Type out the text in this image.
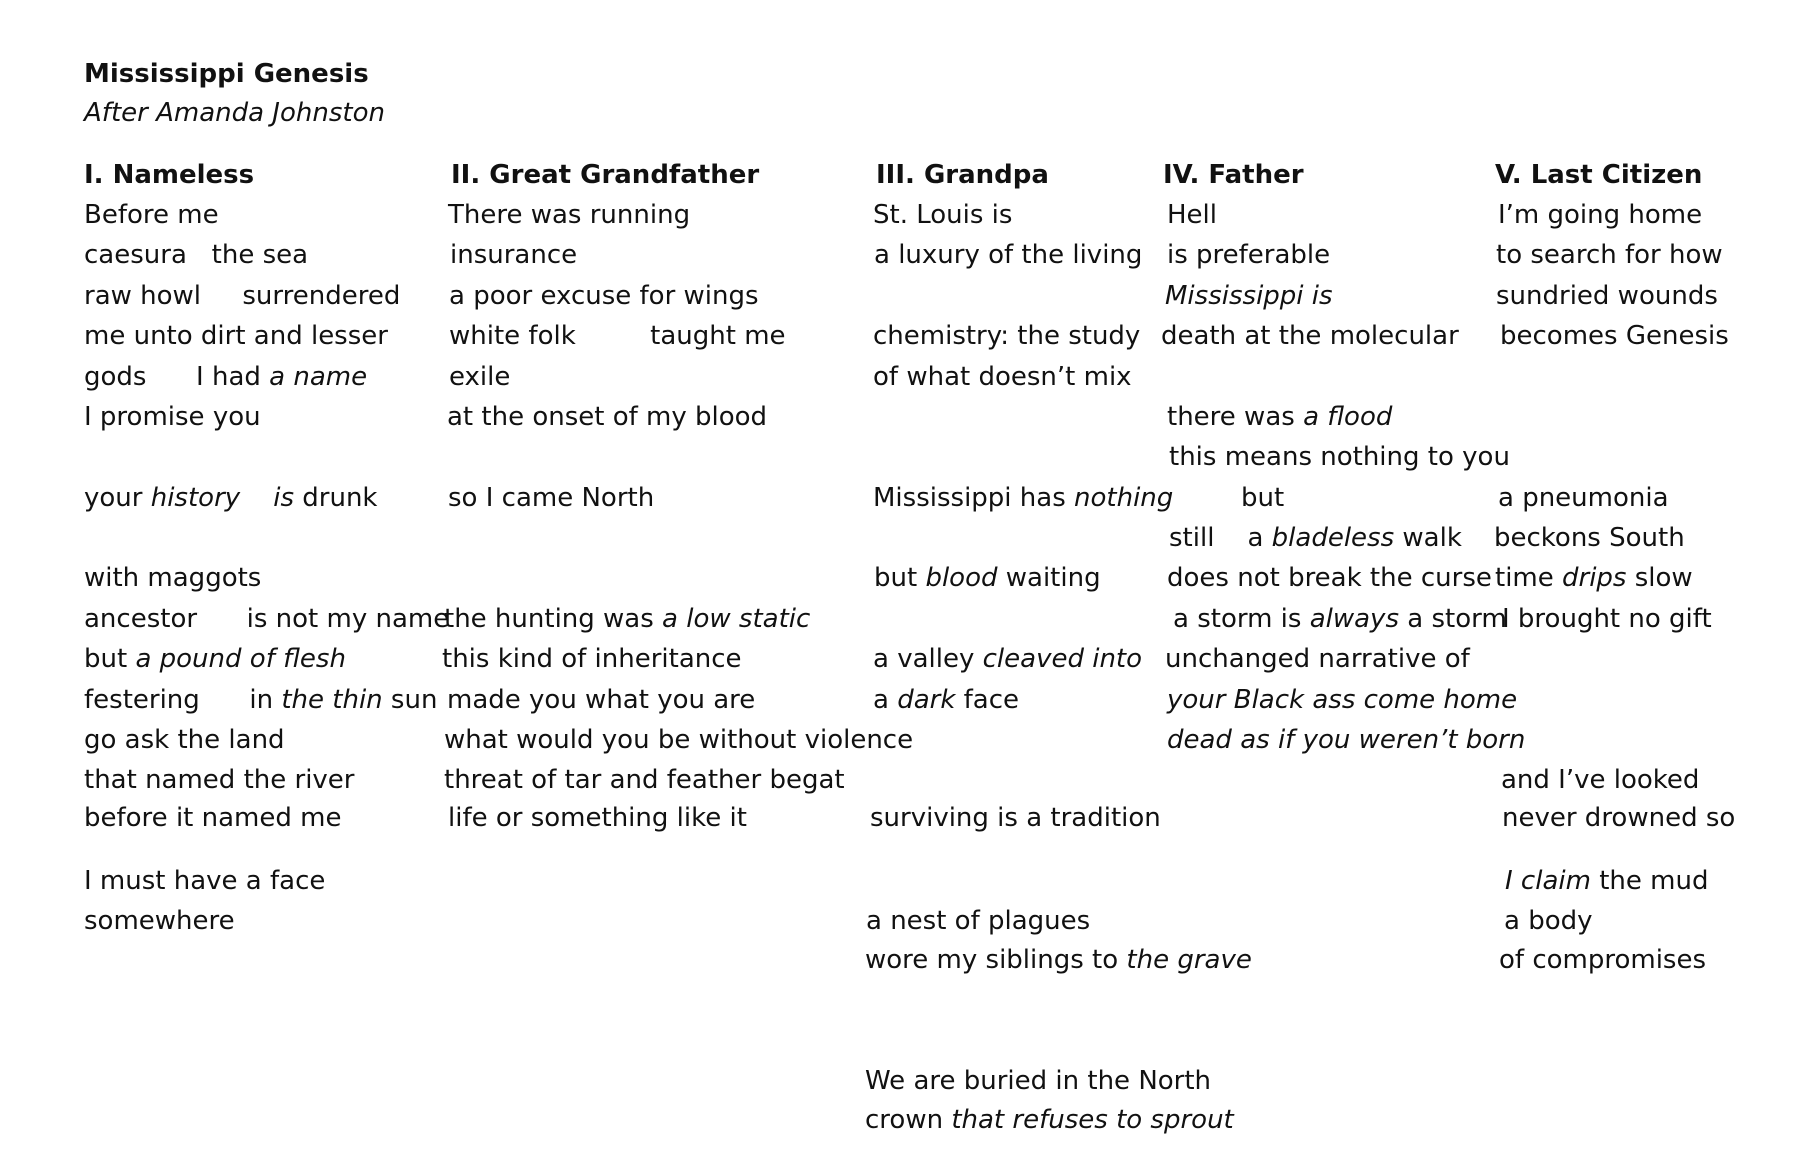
Mississippi Genesis
After Amanda Johnston
I. Nameless	II. Great Grandfather	III. Grandpa	IV. Father	V. Last Citizen
Before me
caesura   the sea
raw howl     surrendered
me unto dirt and lesser
gods      I had a name
I promise you
your history is drunk
with maggots
ancestor      is not my name
but a pound of flesh
festering      in the thin sun
go ask the land
that named the river
before it named me
I must have a face
somewhere
There was running
insurance
a poor excuse for wings
white folk         taught me
exile
at the onset of my blood
so I came North
the hunting was a low static
this kind of inheritance
made you what you are
what would you be without violence
threat of tar and feather begat
life or something like it
St. Louis is
a luxury of the living
chemistry: the study
of what doesn’t mix
Mississippi has nothing
but blood waiting
a valley cleaved into
a dark face
surviving is a tradition
a nest of plagues
wore my siblings to the grave
We are buried in the North
crown that refuses to sprout
Hell
is preferable
Mississippi is
death at the molecular
there was a flood
this means nothing to you
but
still    a bladeless walk
does not break the curse
a storm is always a storm
unchanged narrative of
your Black ass come home
dead as if you weren’t born
I’m going home
to search for how
sundried wounds
becomes Genesis
a pneumonia
beckons South
time drips slow
I brought no gift
and I’ve looked
never drowned so
I claim the mud
a body
of compromises
